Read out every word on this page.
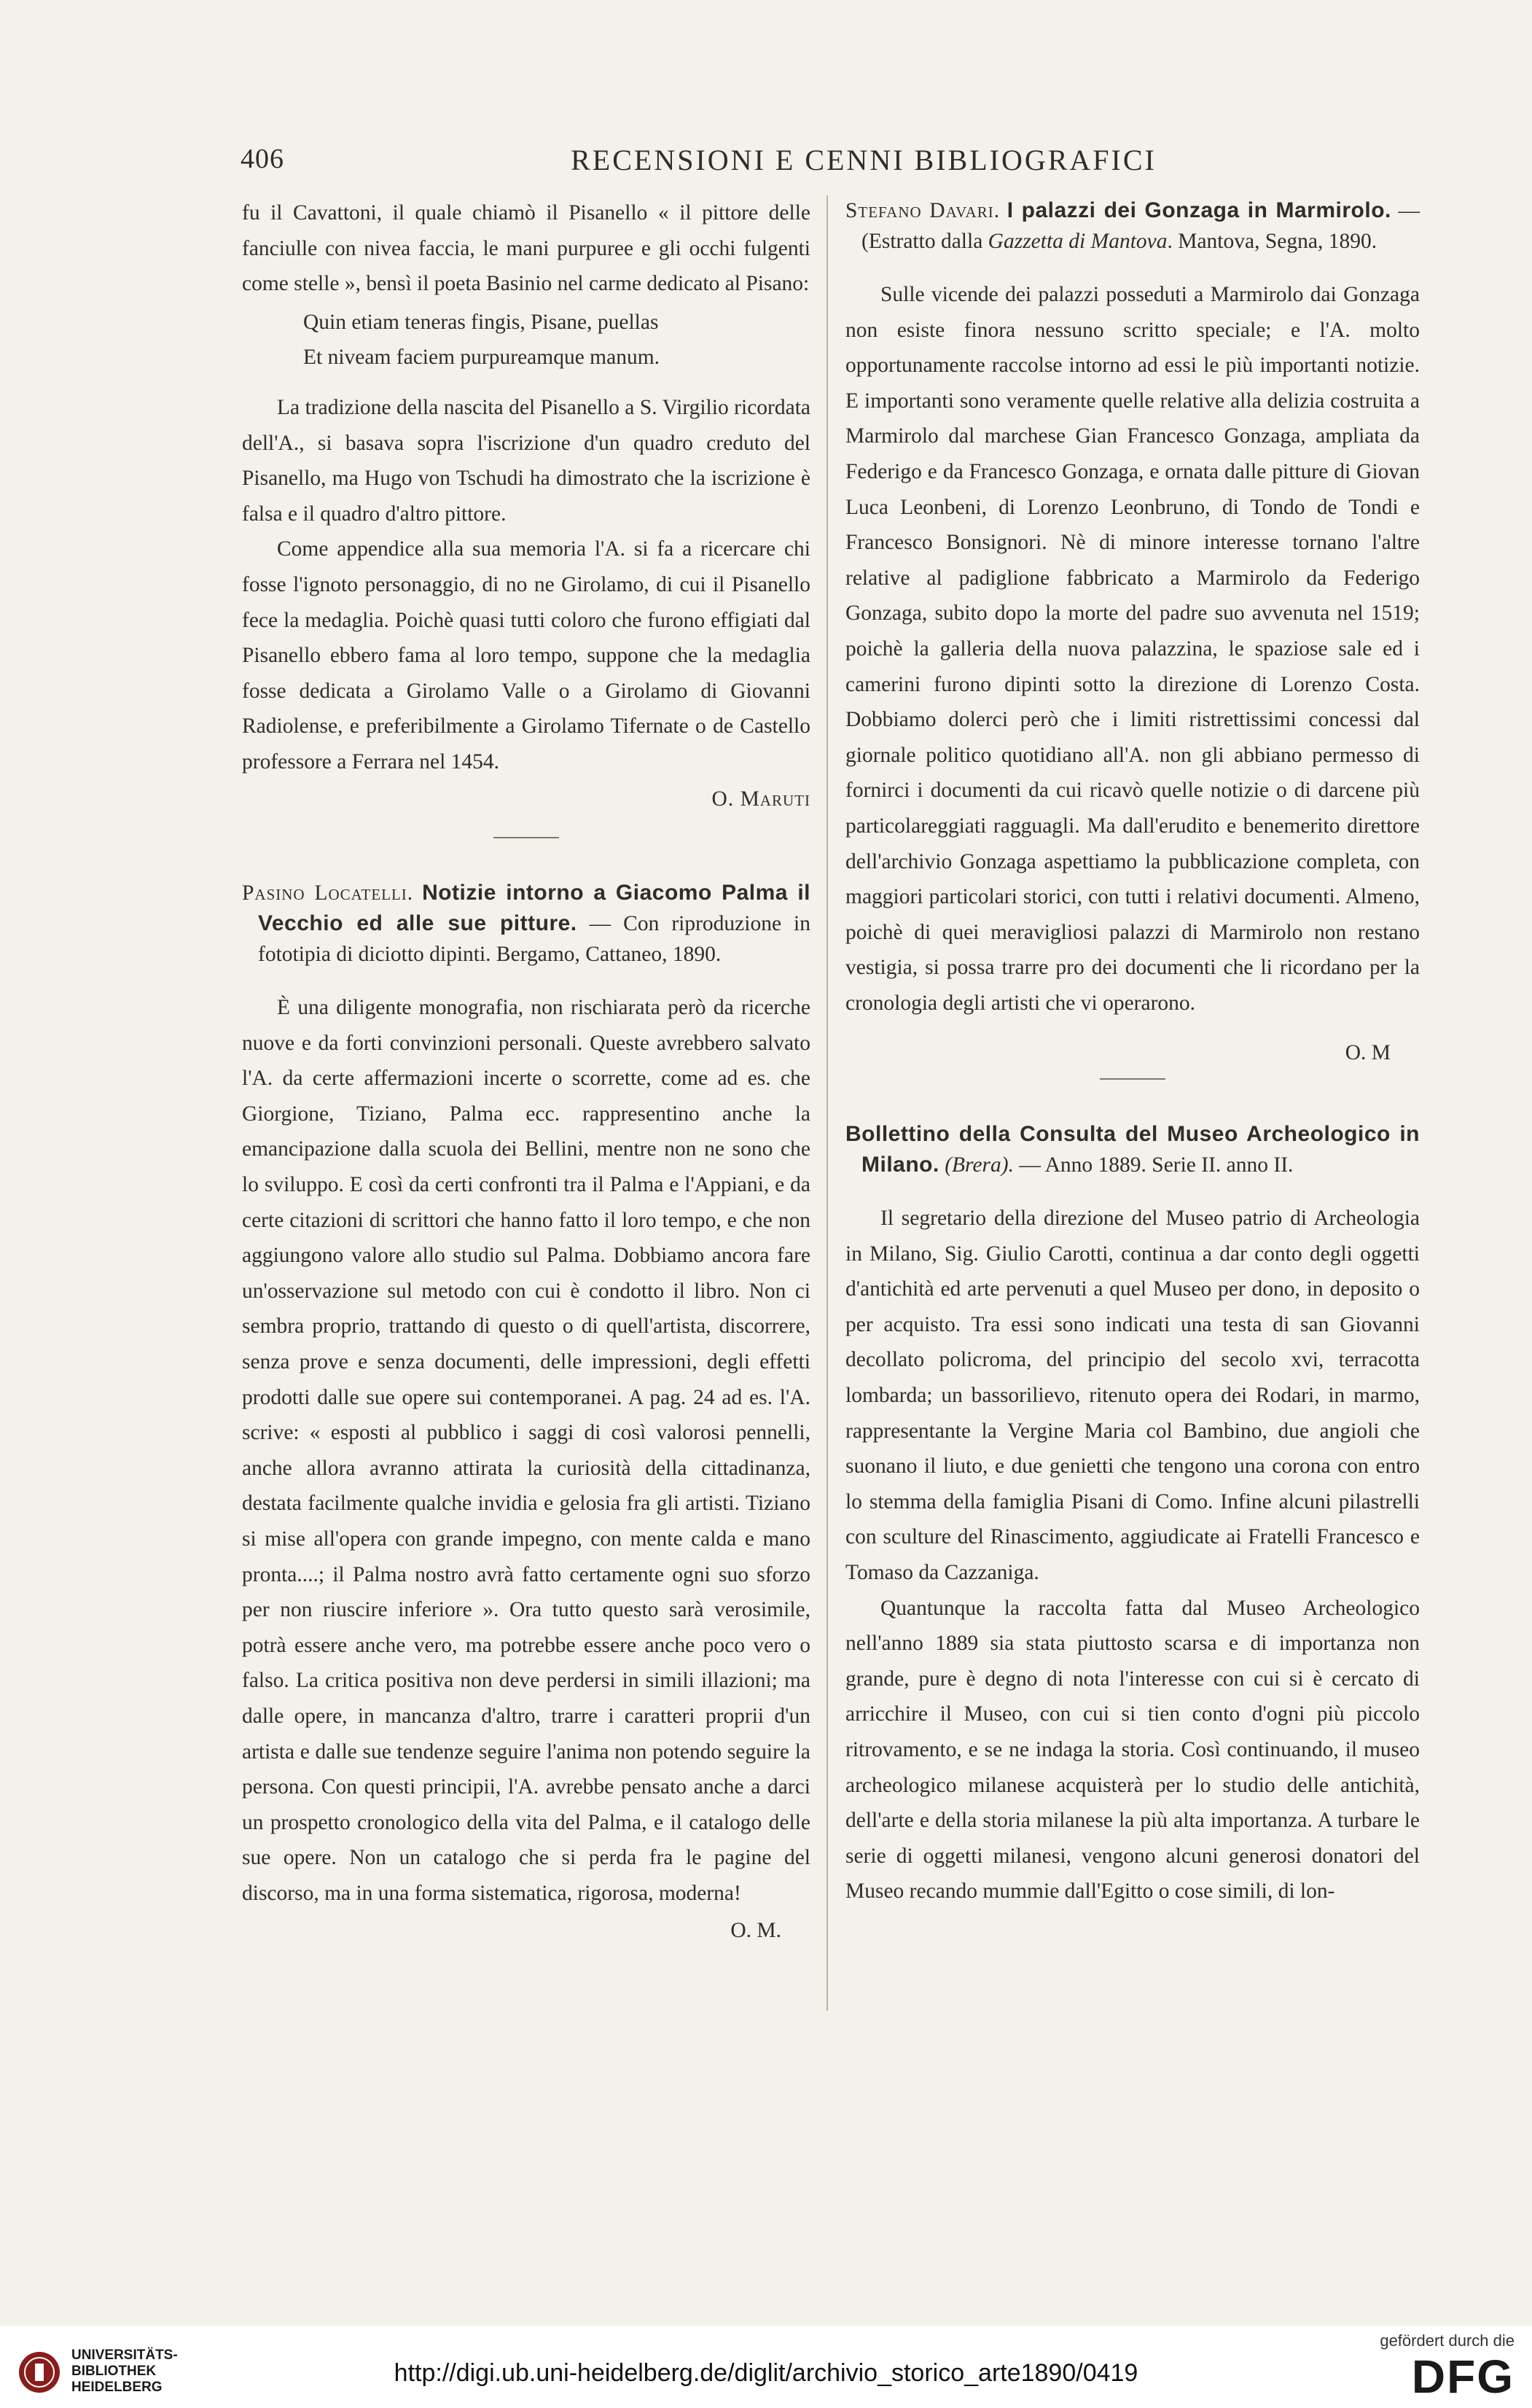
406	RECENSIONI E CENNI BIBLIOGRAFICI

fu il Cavattoni, il quale chiamò il Pisanello « il pittore delle fanciulle con nivea faccia, le mani purpuree e gli occhi fulgenti come stelle », bensì il poeta Basinio nel carme dedicato al Pisano:

Quin etiam teneras fingis, Pisane, puellas
Et niveam faciem purpureamque manum.

La tradizione della nascita del Pisanello a S. Virgilio ricordata dell'A., si basava sopra l'iscrizione d'un quadro creduto del Pisanello, ma Hugo von Tschudi ha dimostrato che la iscrizione è falsa e il quadro d'altro pittore.

Come appendice alla sua memoria l'A. si fa a ricercare chi fosse l'ignoto personaggio, di no ne Girolamo, di cui il Pisanello fece la medaglia. Poichè quasi tutti coloro che furono effigiati dal Pisanello ebbero fama al loro tempo, suppone che la medaglia fosse dedicata a Girolamo Valle o a Girolamo di Giovanni Radiolense, e preferibilmente a Girolamo Tifernate o de Castello professore a Ferrara nel 1454.

O. Maruti

Pasino Locatelli. Notizie intorno a Giacomo Palma il Vecchio ed alle sue pitture. — Con riproduzione in fototipia di diciotto dipinti. Bergamo, Cattaneo, 1890.

È una diligente monografia, non rischiarata però da ricerche nuove e da forti convinzioni personali. Queste avrebbero salvato l'A. da certe affermazioni incerte o scorrette, come ad es. che Giorgione, Tiziano, Palma ecc. rappresentino anche la emancipazione dalla scuola dei Bellini, mentre non ne sono che lo sviluppo. E così da certi confronti tra il Palma e l'Appiani, e da certe citazioni di scrittori che hanno fatto il loro tempo, e che non aggiungono valore allo studio sul Palma. Dobbiamo ancora fare un'osservazione sul metodo con cui è condotto il libro. Non ci sembra proprio, trattando di questo o di quell'artista, discorrere, senza prove e senza documenti, delle impressioni, degli effetti prodotti dalle sue opere sui contemporanei. A pag. 24 ad es. l'A. scrive: « esposti al pubblico i saggi di così valorosi pennelli, anche allora avranno attirata la curiosità della cittadinanza, destata facilmente qualche invidia e gelosia fra gli artisti. Tiziano si mise all'opera con grande impegno, con mente calda e mano pronta....; il Palma nostro avrà fatto certamente ogni suo sforzo per non riuscire inferiore ». Ora tutto questo sarà verosimile, potrà essere anche vero, ma potrebbe essere anche poco vero o falso. La critica positiva non deve perdersi in simili illazioni; ma dalle opere, in mancanza d'altro, trarre i caratteri proprii d'un artista e dalle sue tendenze seguire l'anima non potendo seguire la persona. Con questi principii, l'A. avrebbe pensato anche a darci un prospetto cronologico della vita del Palma, e il catalogo delle sue opere. Non un catalogo che si perda fra le pagine del discorso, ma in una forma sistematica, rigorosa, moderna!

O. M.

Stefano Davari. I palazzi dei Gonzaga in Marmirolo. — (Estratto dalla Gazzetta di Mantova. Mantova, Segna, 1890.

Sulle vicende dei palazzi posseduti a Marmirolo dai Gonzaga non esiste finora nessuno scritto speciale; e l'A. molto opportunamente raccolse intorno ad essi le più importanti notizie. E importanti sono veramente quelle relative alla delizia costruita a Marmirolo dal marchese Gian Francesco Gonzaga, ampliata da Federigo e da Francesco Gonzaga, e ornata dalle pitture di Giovan Luca Leonbeni, di Lorenzo Leonbruno, di Tondo de Tondi e Francesco Bonsignori. Nè di minore interesse tornano l'altre relative al padiglione fabbricato a Marmirolo da Federigo Gonzaga, subito dopo la morte del padre suo avvenuta nel 1519; poichè la galleria della nuova palazzina, le spaziose sale ed i camerini furono dipinti sotto la direzione di Lorenzo Costa. Dobbiamo dolerci però che i limiti ristrettissimi concessi dal giornale politico quotidiano all'A. non gli abbiano permesso di fornirci i documenti da cui ricavò quelle notizie o di darcene più particolareggiati ragguagli. Ma dall'erudito e benemerito direttore dell'archivio Gonzaga aspettiamo la pubblicazione completa, con maggiori particolari storici, con tutti i relativi documenti. Almeno, poichè di quei meravigliosi palazzi di Marmirolo non restano vestigia, si possa trarre pro dei documenti che li ricordano per la cronologia degli artisti che vi operarono.

O. M

Bollettino della Consulta del Museo Archeologico in Milano. (Brera). — Anno 1889. Serie II. anno II.

Il segretario della direzione del Museo patrio di Archeologia in Milano, Sig. Giulio Carotti, continua a dar conto degli oggetti d'antichità ed arte pervenuti a quel Museo per dono, in deposito o per acquisto. Tra essi sono indicati una testa di san Giovanni decollato policroma, del principio del secolo xvi, terracotta lombarda; un bassorilievo, ritenuto opera dei Rodari, in marmo, rappresentante la Vergine Maria col Bambino, due angioli che suonano il liuto, e due genietti che tengono una corona con entro lo stemma della famiglia Pisani di Como. Infine alcuni pilastrelli con sculture del Rinascimento, aggiudicate ai Fratelli Francesco e Tomaso da Cazzaniga.

Quantunque la raccolta fatta dal Museo Archeologico nell'anno 1889 sia stata piuttosto scarsa e di importanza non grande, pure è degno di nota l'interesse con cui si è cercato di arricchire il Museo, con cui si tien conto d'ogni più piccolo ritrovamento, e se ne indaga la storia. Così continuando, il museo archeologico milanese acquisterà per lo studio delle antichità, dell'arte e della storia milanese la più alta importanza. A turbare le serie di oggetti milanesi, vengono alcuni generosi donatori del Museo recando mummie dall'Egitto o cose simili, di lon-

UNIVERSITÄTS-
BIBLIOTHEK
HEIDELBERG
http://digi.ub.uni-heidelberg.de/diglit/archivio_storico_arte1890/0419
gefördert durch die
DFG
